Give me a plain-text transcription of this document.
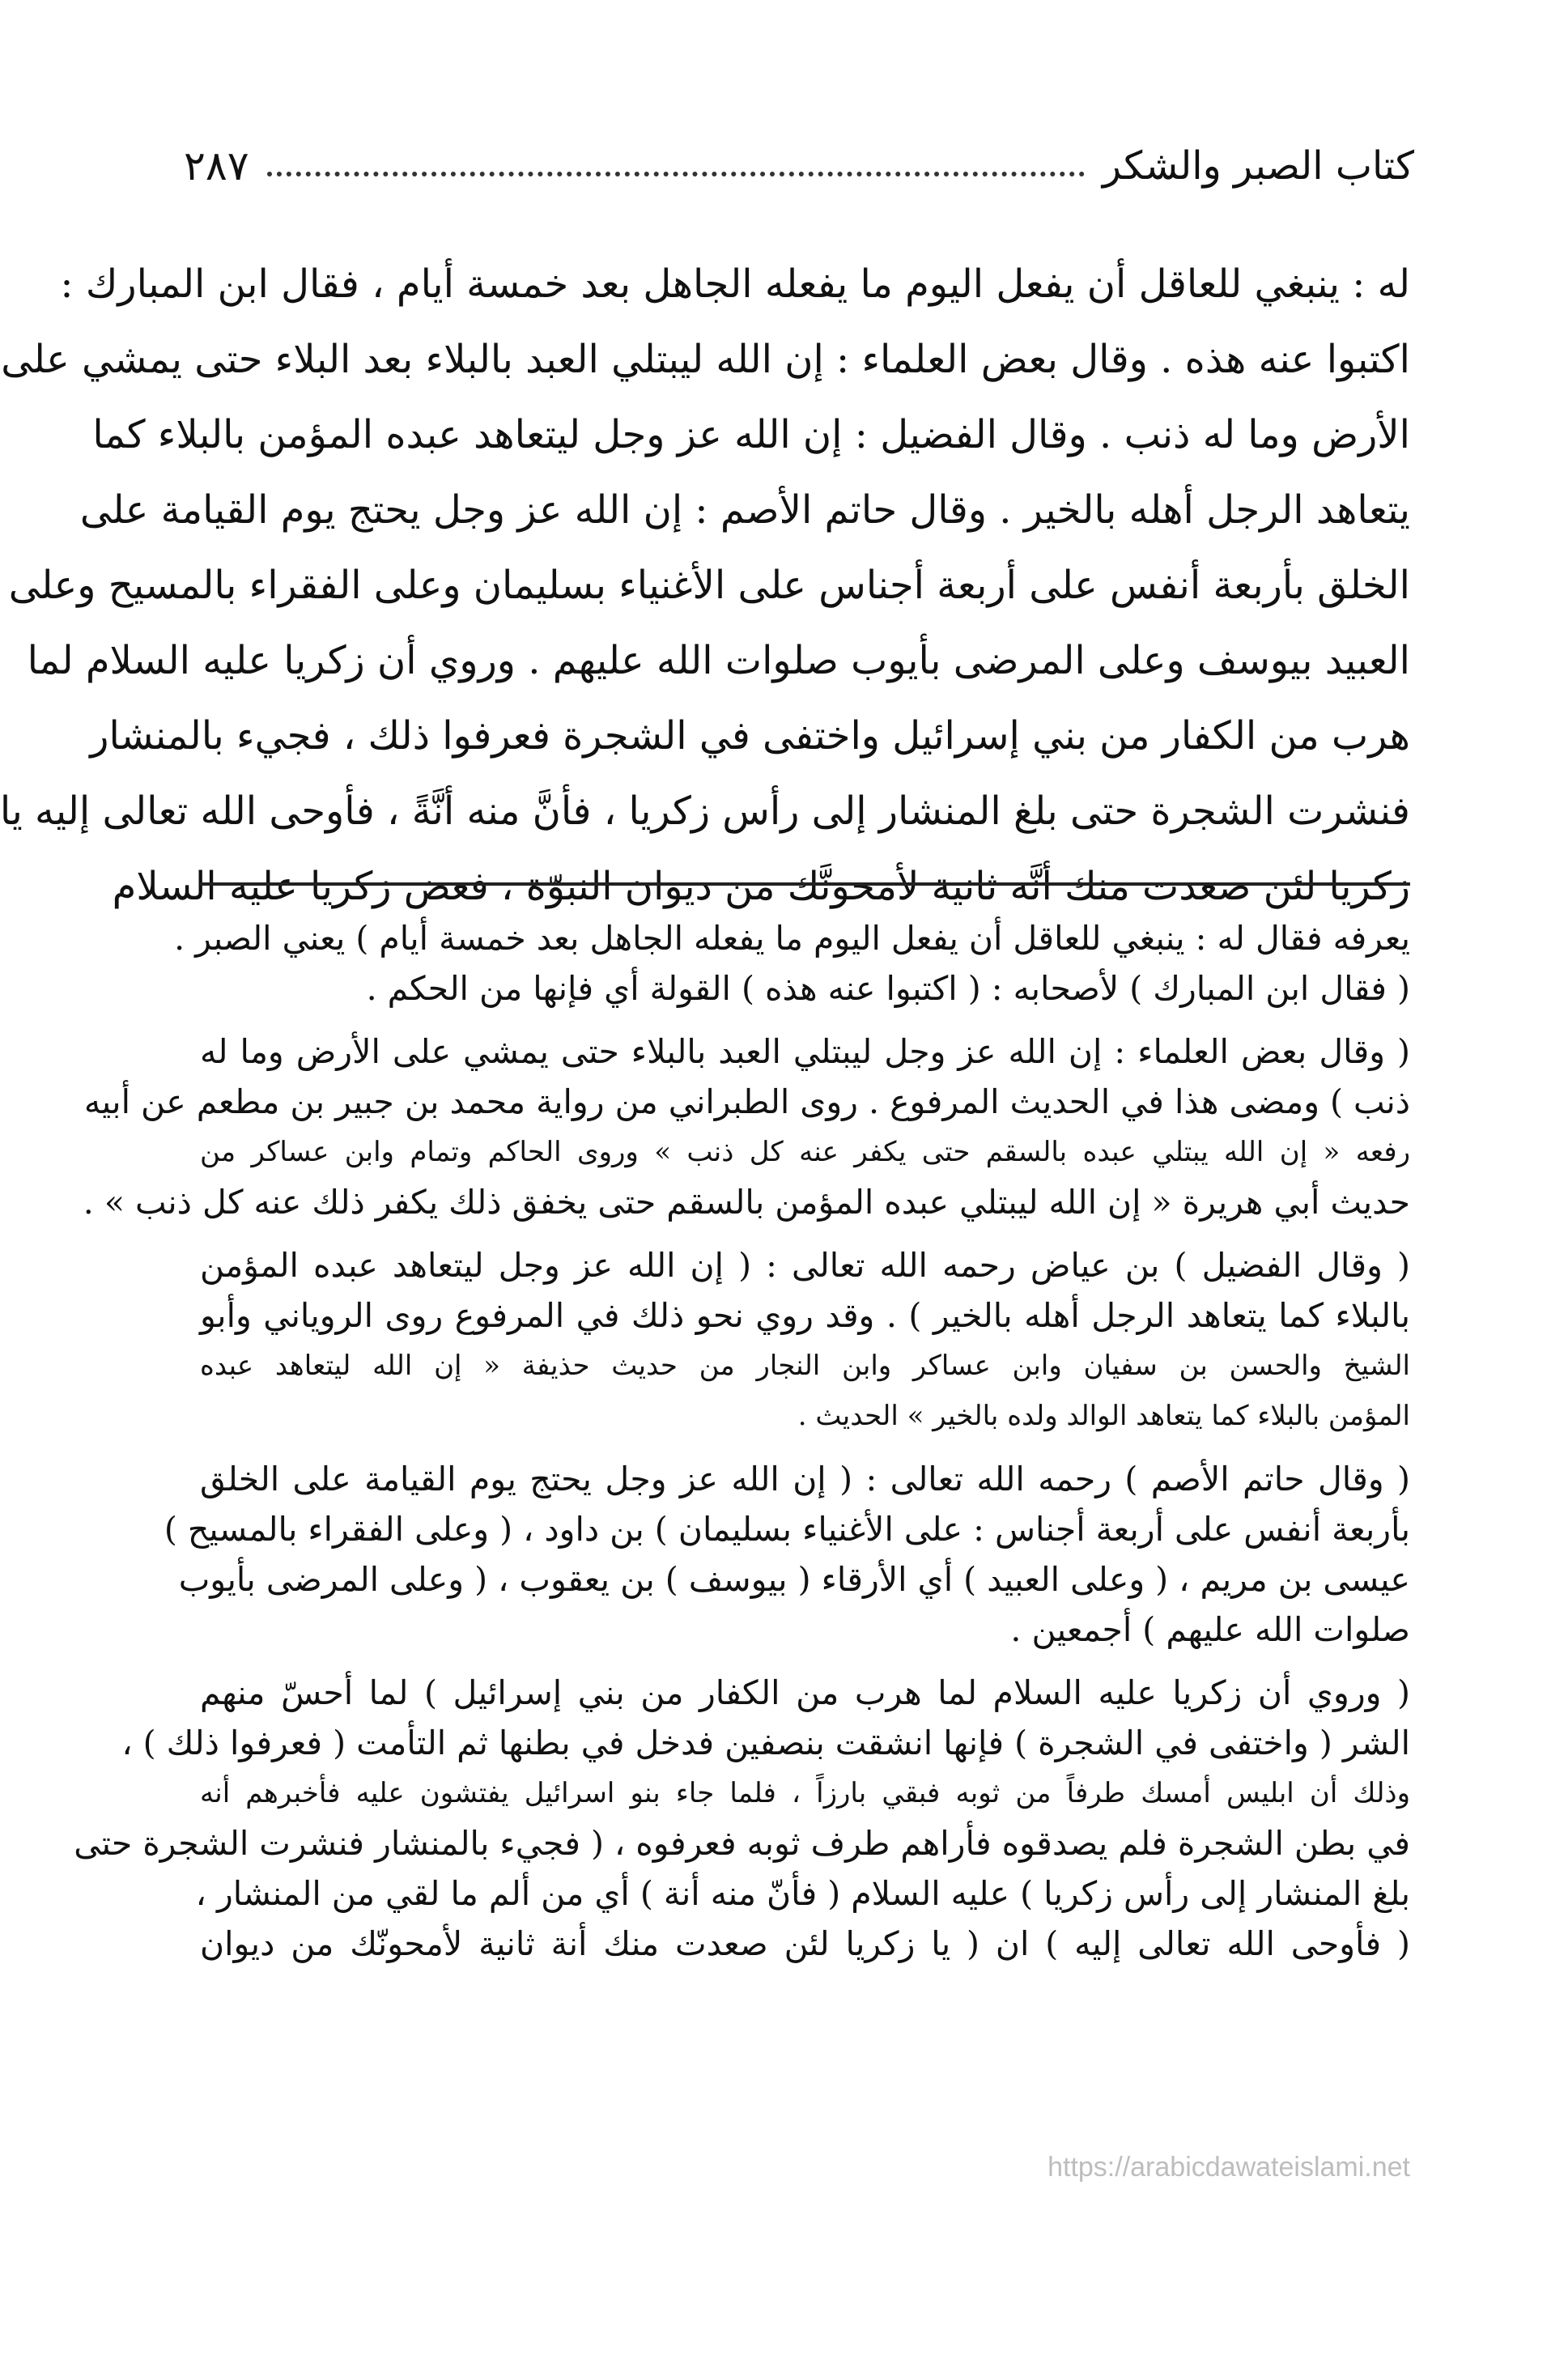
كتاب الصبر والشكر
٢٨٧
له : ينبغي للعاقل أن يفعل اليوم ما يفعله الجاهل بعد خمسة أيام ، فقال ابن المبارك :
اكتبوا عنه هذه . وقال بعض العلماء : إن الله ليبتلي العبد بالبلاء بعد البلاء حتى يمشي على
الأرض وما له ذنب . وقال الفضيل : إن الله عز وجل ليتعاهد عبده المؤمن بالبلاء كما
يتعاهد الرجل أهله بالخير . وقال حاتم الأصم : إن الله عز وجل يحتج يوم القيامة على
الخلق بأربعة أنفس على أربعة أجناس على الأغنياء بسليمان وعلى الفقراء بالمسيح وعلى
العبيد بيوسف وعلى المرضى بأيوب صلوات الله عليهم . وروي أن زكريا عليه السلام لما
هرب من الكفار من بني إسرائيل واختفى في الشجرة فعرفوا ذلك ، فجيء بالمنشار
فنشرت الشجرة حتى بلغ المنشار إلى رأس زكريا ، فأنَّ منه أنَّةً ، فأوحى الله تعالى إليه يا
زكريا لئن صعدت منك أنَّه ثانية لأمحونَّك من ديوان النبوّة ، فعض زكريا عليه السلام
يعرفه فقال له : ينبغي للعاقل أن يفعل اليوم ما يفعله الجاهل بعد خمسة أيام ) يعني الصبر .
( فقال ابن المبارك ) لأصحابه : ( اكتبوا عنه هذه ) القولة أي فإنها من الحكم .
( وقال بعض العلماء : إن الله عز وجل ليبتلي العبد بالبلاء حتى يمشي على الأرض وما له
ذنب ) ومضى هذا في الحديث المرفوع . روى الطبراني من رواية محمد بن جبير بن مطعم عن أبيه
رفعه « إن الله يبتلي عبده بالسقم حتى يكفر عنه كل ذنب » وروى الحاكم وتمام وابن عساكر من
حديث أبي هريرة « إن الله ليبتلي عبده المؤمن بالسقم حتى يخفق ذلك يكفر ذلك عنه كل ذنب » .
( وقال الفضيل ) بن عياض رحمه الله تعالى : ( إن الله عز وجل ليتعاهد عبده المؤمن
بالبلاء كما يتعاهد الرجل أهله بالخير ) . وقد روي نحو ذلك في المرفوع روى الروياني وأبو
الشيخ والحسن بن سفيان وابن عساكر وابن النجار من حديث حذيفة « إن الله ليتعاهد عبده
المؤمن بالبلاء كما يتعاهد الوالد ولده بالخير » الحديث .
( وقال حاتم الأصم ) رحمه الله تعالى : ( إن الله عز وجل يحتج يوم القيامة على الخلق
بأربعة أنفس على أربعة أجناس : على الأغنياء بسليمان ) بن داود ، ( وعلى الفقراء بالمسيح )
عيسى بن مريم ، ( وعلى العبيد ) أي الأرقاء ( بيوسف ) بن يعقوب ، ( وعلى المرضى بأيوب
صلوات الله عليهم ) أجمعين .
( وروي أن زكريا عليه السلام لما هرب من الكفار من بني إسرائيل ) لما أحسّ منهم
الشر ( واختفى في الشجرة ) فإنها انشقت بنصفين فدخل في بطنها ثم التأمت ( فعرفوا ذلك ) ،
وذلك أن ابليس أمسك طرفاً من ثوبه فبقي بارزاً ، فلما جاء بنو اسرائيل يفتشون عليه فأخبرهم أنه
في بطن الشجرة فلم يصدقوه فأراهم طرف ثوبه فعرفوه ، ( فجيء بالمنشار فنشرت الشجرة حتى
بلغ المنشار إلى رأس زكريا ) عليه السلام ( فأنّ منه أنة ) أي من ألم ما لقي من المنشار ،
( فأوحى الله تعالى إليه ) ان ( يا زكريا لئن صعدت منك أنة ثانية لأمحونّك من ديوان
https://arabicdawateislami.net
